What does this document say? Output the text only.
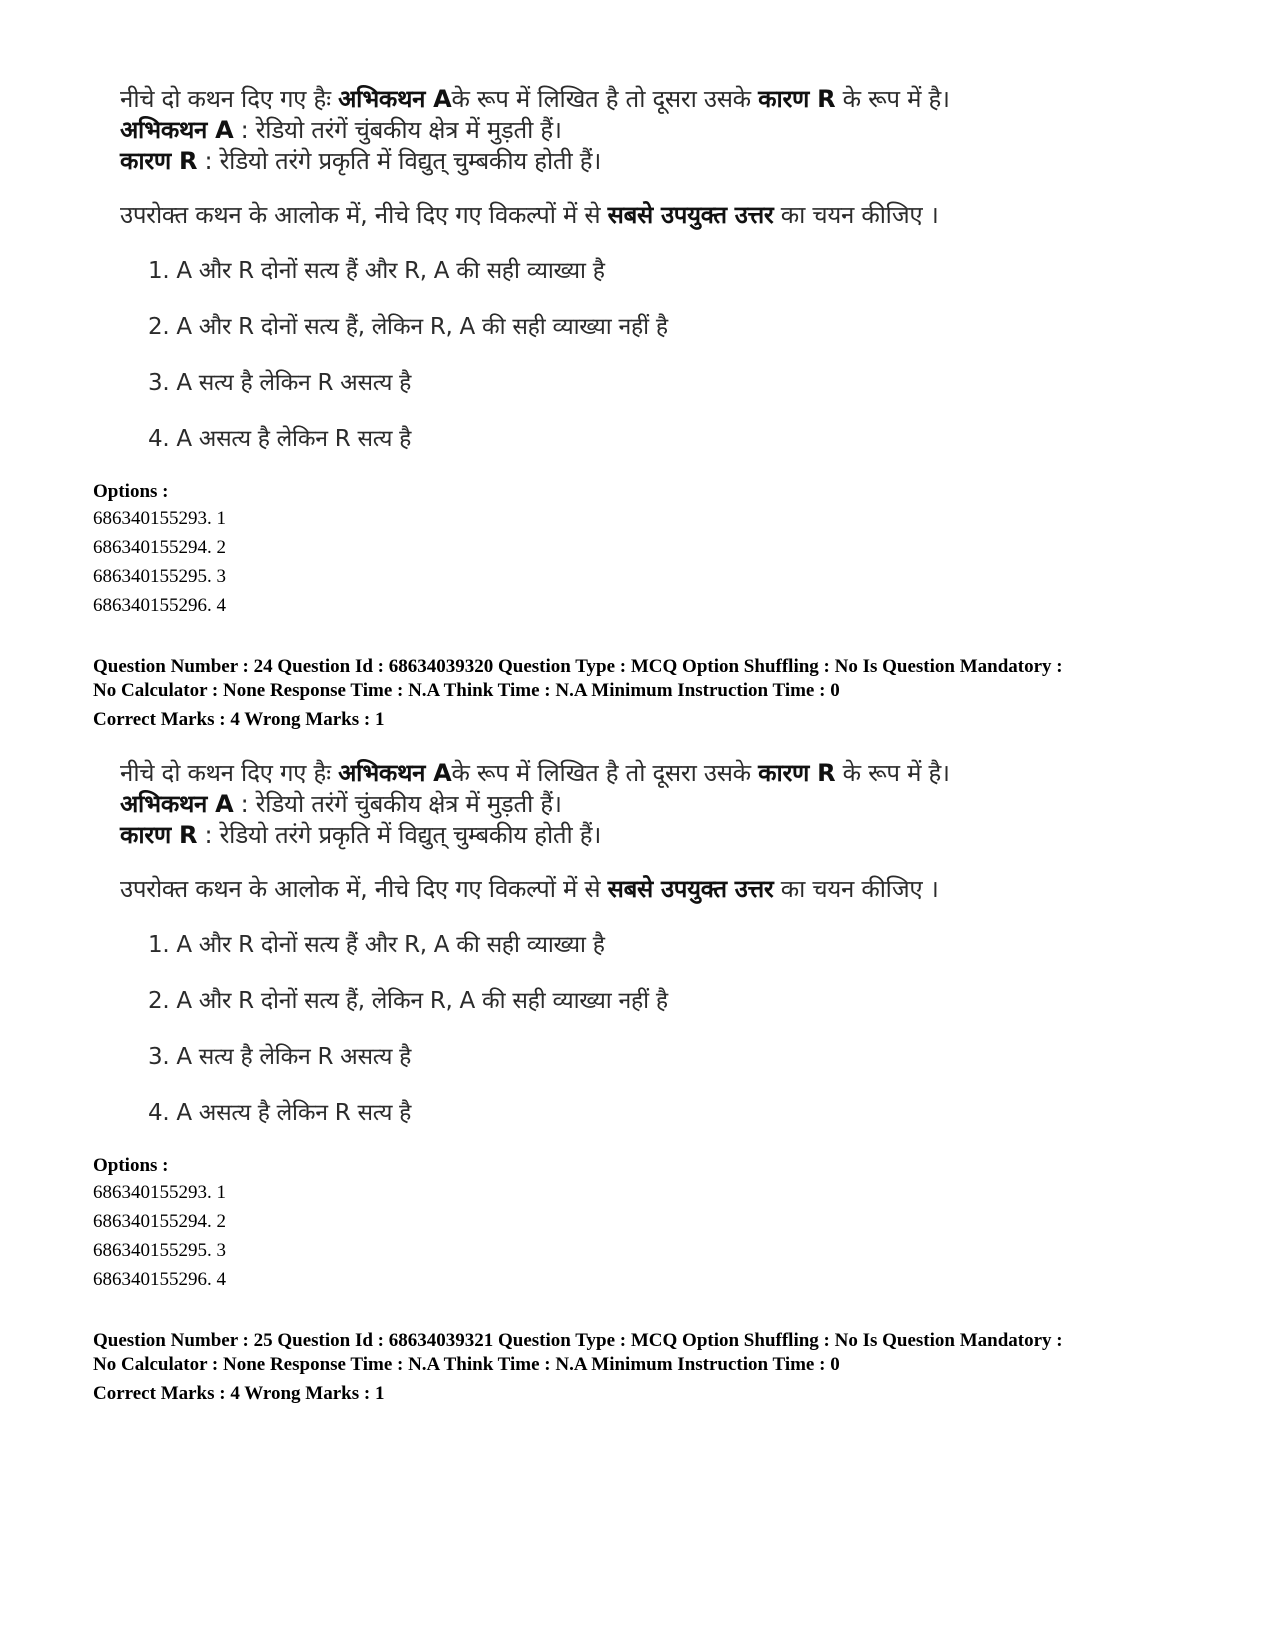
नीचे दो कथन दिए गए हैः अभिकथन Aके रूप में लिखित है तो दूसरा उसके कारण R के रूप में है।
अभिकथन A : रेडियो तरंगें चुंबकीय क्षेत्र में मुड़ती हैं।
कारण R : रेडियो तरंगे प्रकृति में विद्युत् चुम्बकीय होती हैं।
उपरोक्त कथन के आलोक में, नीचे दिए गए विकल्पों में से सबसे उपयुक्त उत्तर का चयन कीजिए ।
1. A और R दोनों सत्य हैं और R, A की सही व्याख्या है
2. A और R दोनों सत्य हैं, लेकिन R, A की सही व्याख्या नहीं है
3. A सत्य है लेकिन R असत्य है
4. A असत्य है लेकिन R सत्य है
Options :
686340155293. 1
686340155294. 2
686340155295. 3
686340155296. 4
Question Number : 24 Question Id : 68634039320 Question Type : MCQ Option Shuffling : No Is Question Mandatory :
No Calculator : None Response Time : N.A Think Time : N.A Minimum Instruction Time : 0
Correct Marks : 4 Wrong Marks : 1
नीचे दो कथन दिए गए हैः अभिकथन Aके रूप में लिखित है तो दूसरा उसके कारण R के रूप में है।
अभिकथन A : रेडियो तरंगें चुंबकीय क्षेत्र में मुड़ती हैं।
कारण R : रेडियो तरंगे प्रकृति में विद्युत् चुम्बकीय होती हैं।
उपरोक्त कथन के आलोक में, नीचे दिए गए विकल्पों में से सबसे उपयुक्त उत्तर का चयन कीजिए ।
1. A और R दोनों सत्य हैं और R, A की सही व्याख्या है
2. A और R दोनों सत्य हैं, लेकिन R, A की सही व्याख्या नहीं है
3. A सत्य है लेकिन R असत्य है
4. A असत्य है लेकिन R सत्य है
Options :
686340155293. 1
686340155294. 2
686340155295. 3
686340155296. 4
Question Number : 25 Question Id : 68634039321 Question Type : MCQ Option Shuffling : No Is Question Mandatory :
No Calculator : None Response Time : N.A Think Time : N.A Minimum Instruction Time : 0
Correct Marks : 4 Wrong Marks : 1
